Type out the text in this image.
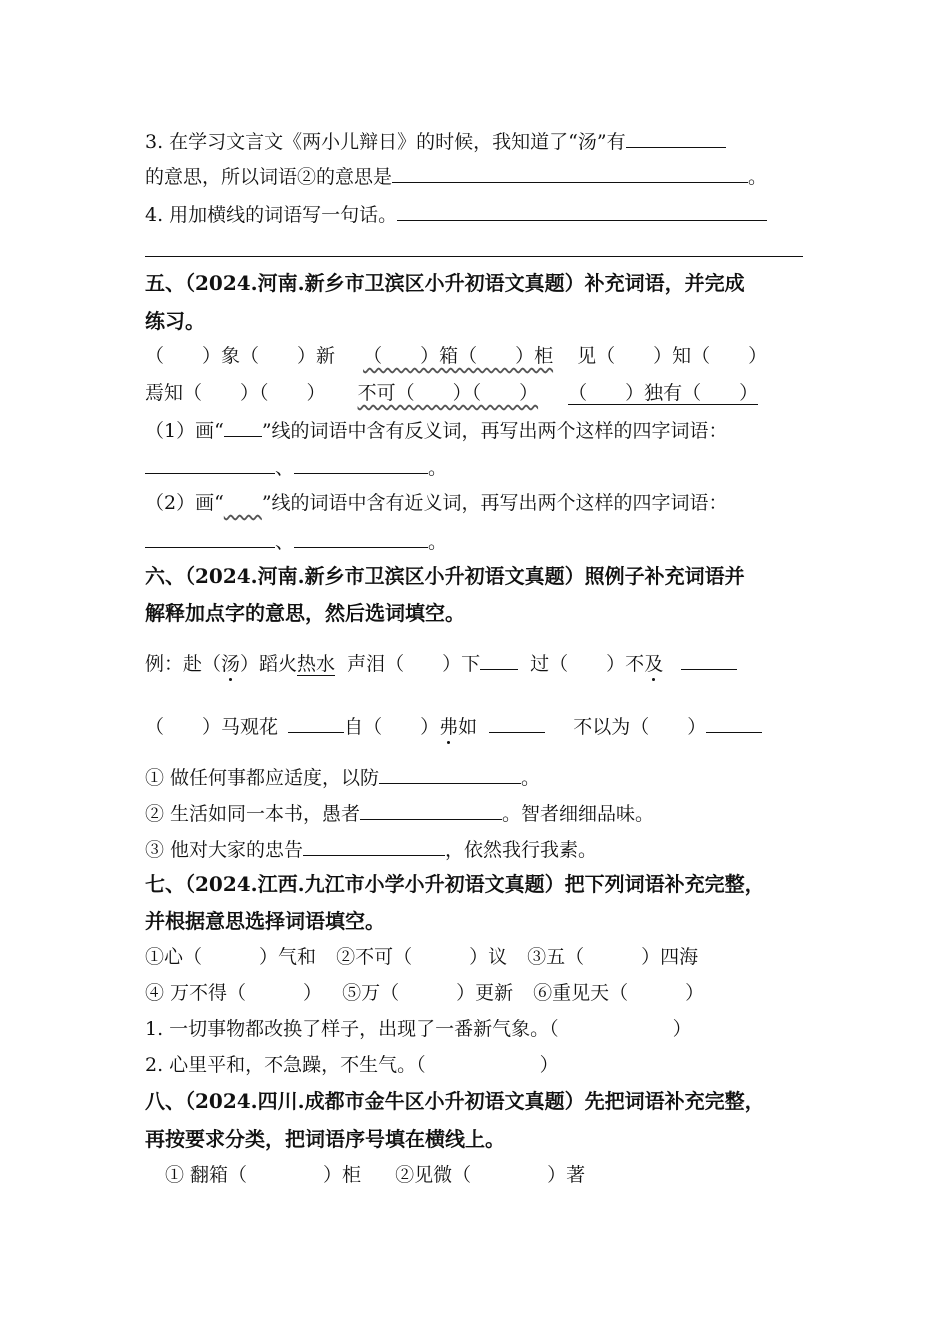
3. 在学习文言文《两小儿辩日》的时候，我知道了“汤”有
的意思，所以词语②的意思是	。
4. 用加横线的词语写一句话。
五、（2024.河南.新乡市卫滨区小升初语文真题）补充词语，并完成
练习。
（　　）象（　　）新 （　　）箱（　　）柜 见（　　）知（　　）
焉知（　　）（　　） 不可（　　）（　　） （　　）独有（　　）
（1）画“ ”线的词语中含有反义词，再写出两个这样的四字词语：
、	。
（2）画“​　　”线的词语中含有近义词，再写出两个这样的四字词语：
、	。
六、（2024.河南.新乡市卫滨区小升初语文真题）照例子补充词语并
解释加点字的意思，然后选词填空。
例：赴（汤）蹈火热水 声泪（　　）下	过（　　）不及
（　　）马观花	自（　　）弗如	不以为（　　）
① 做任何事都应适度，以防	。
② 生活如同一本书，愚者	。智者细细品味。
③ 他对大家的忠告	，依然我行我素。
七、（2024.江西.九江市小学小升初语文真题）把下列词语补充完整，
并根据意思选择词语填空。
①心（　　　）气和 ②不可（　　　）议 ③五（　　　）四海
④ 万不得（　　　） ⑤万（　　　）更新 ⑥重见天（　　　）
1. 一切事物都改换了样子，出现了一番新气象。（　　　　　　）
2. 心里平和，不急躁，不生气。（　　　　　　）
八、（2024.四川.成都市金牛区小升初语文真题）先把词语补充完整，
再按要求分类，把词语序号填在横线上。
① 翻箱（　　　　）柜 ②见微（　　　　）著
